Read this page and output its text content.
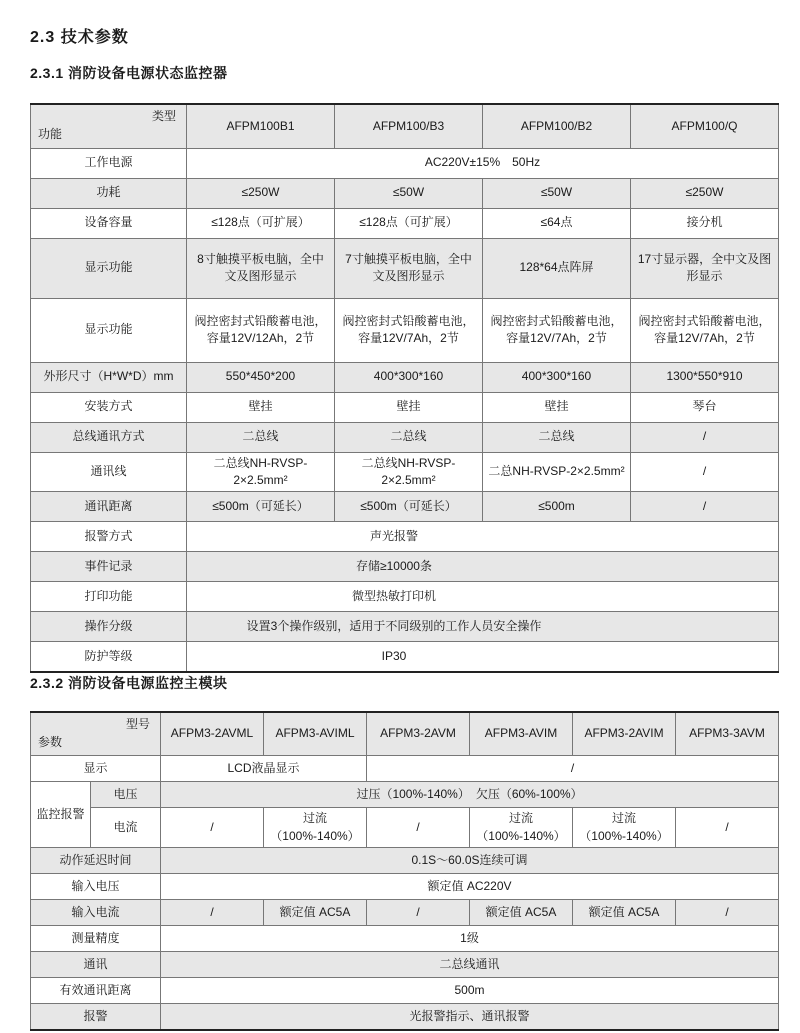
2.3 技术参数
2.3.1 消防设备电源状态监控器
类型
功能	AFPM100B1	AFPM100/B3	AFPM100/B2	AFPM100/Q
工作电源	AC220V±15%　50Hz			
功耗	≤250W	≤50W	≤50W	≤250W
设备容量	≤128点（可扩展）	≤128点（可扩展）	≤64点	接分机
显示功能	8寸触摸平板电脑，全中文及图形显示	7寸触摸平板电脑，全中文及图形显示	128*64点阵屏	17寸显示器，全中文及图形显示
显示功能	阀控密封式铅酸蓄电池，容量12V/12Ah，2节	阀控密封式铅酸蓄电池，容量12V/7Ah，2节	阀控密封式铅酸蓄电池，容量12V/7Ah，2节	阀控密封式铅酸蓄电池，容量12V/7Ah，2节
外形尺寸（H*W*D）mm	550*450*200	400*300*160	400*300*160	1300*550*910
安装方式	壁挂	壁挂	壁挂	琴台
总线通讯方式	二总线	二总线	二总线	/
通讯线	二总线NH-RVSP-2×2.5mm²	二总线NH-RVSP-2×2.5mm²	二总NH-RVSP-2×2.5mm²	/
通讯距离	≤500m（可延长）	≤500m（可延长）	≤500m	/
报警方式	声光报警			
事件记录	存储≥10000条			
打印功能	微型热敏打印机			
操作分级	设置3个操作级别，适用于不同级别的工作人员安全操作			
防护等级	IP30			
2.3.2 消防设备电源监控主模块
型号
参数		AFPM3-2AVML	AFPM3-AVIML	AFPM3-2AVM	AFPM3-AVIM	AFPM3-2AVIM	AFPM3-3AVM
显示		LCD液晶显示		/			
监控报警	电压	过压（100%-140%）　欠压（60%-100%）					
	电流	/	过流（100%-140%）	/	过流（100%-140%）	过流（100%-140%）	/
动作延迟时间		0.1S～60.0S连续可调					
输入电压		额定值 AC220V					
输入电流		/	额定值 AC5A	/	额定值 AC5A	额定值 AC5A	/
测量精度		1级					
通讯		二总线通讯					
有效通讯距离		500m					
报警		光报警指示、通讯报警					
